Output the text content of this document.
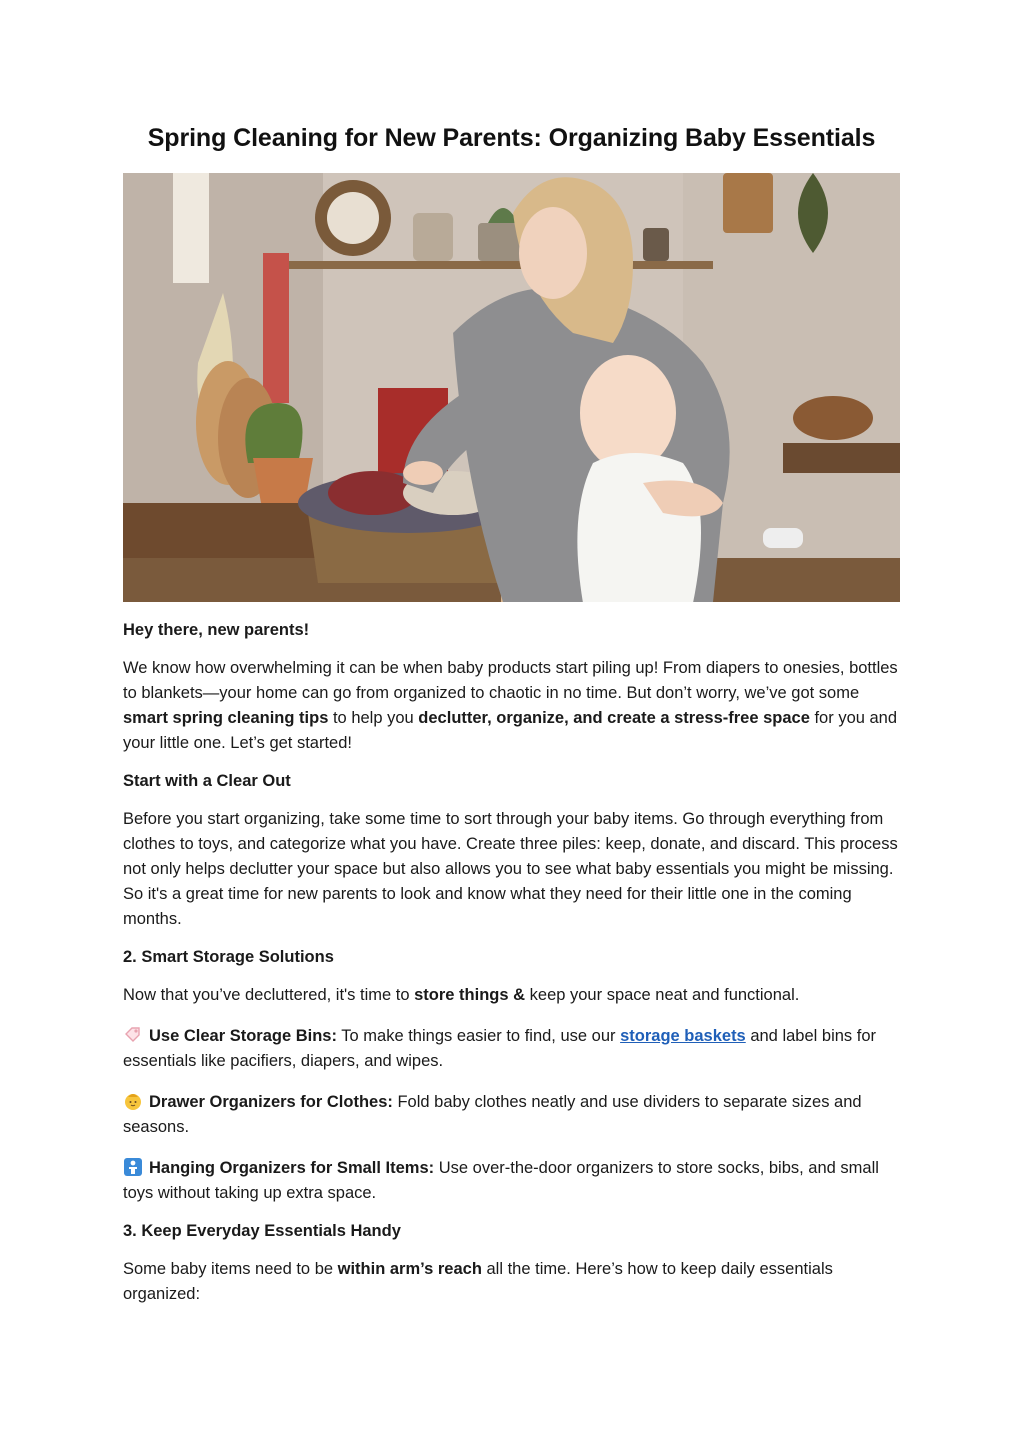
Spring Cleaning for New Parents: Organizing Baby Essentials

Hey there, new parents!

We know how overwhelming it can be when baby products start piling up! From diapers to onesies, bottles to blankets—your home can go from organized to chaotic in no time. But don’t worry, we’ve got some smart spring cleaning tips to help you declutter, organize, and create a stress-free space for you and your little one. Let’s get started!

Start with a Clear Out

Before you start organizing, take some time to sort through your baby items. Go through everything from clothes to toys, and categorize what you have. Create three piles: keep, donate, and discard. This process not only helps declutter your space but also allows you to see what baby essentials you might be missing. So it's a great time for new parents to look and know what they need for their little one in the coming months.

2. Smart Storage Solutions

Now that you’ve decluttered, it's time to store things & keep your space neat and functional.

Use Clear Storage Bins: To make things easier to find, use our storage baskets and label bins for essentials like pacifiers, diapers, and wipes.

Drawer Organizers for Clothes: Fold baby clothes neatly and use dividers to separate sizes and seasons.

Hanging Organizers for Small Items: Use over-the-door organizers to store socks, bibs, and small toys without taking up extra space.

3. Keep Everyday Essentials Handy

Some baby items need to be within arm’s reach all the time. Here’s how to keep daily essentials organized:
